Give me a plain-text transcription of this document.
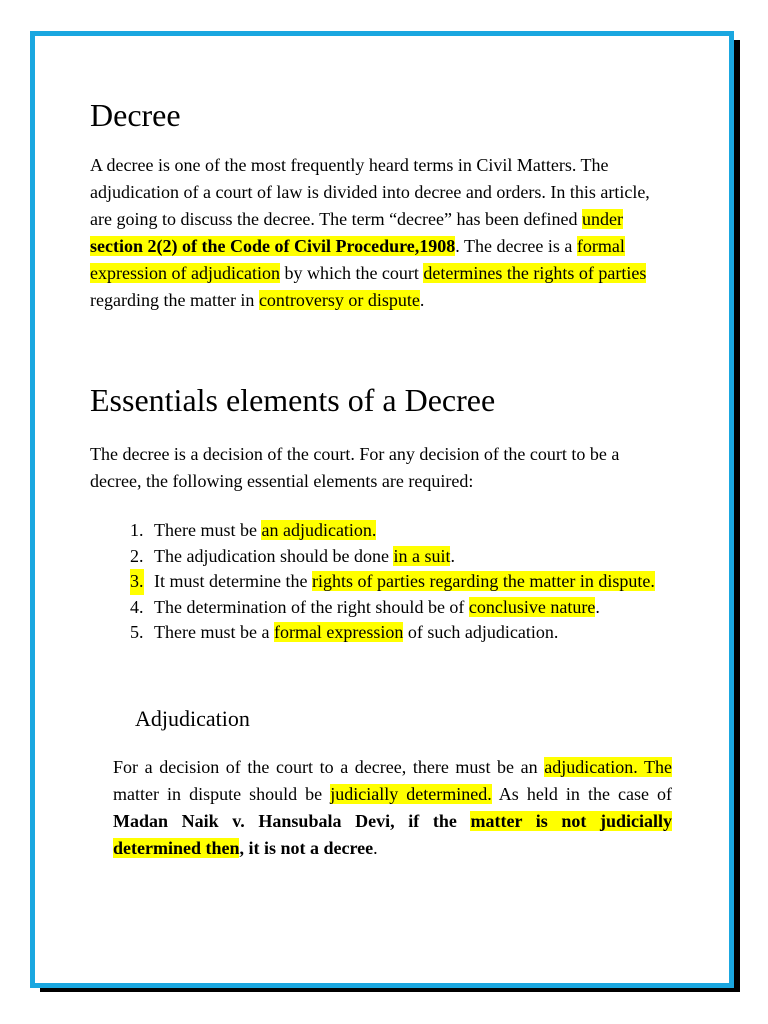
Decree

A decree is one of the most frequently heard terms in Civil Matters. The adjudication of a court of law is divided into decree and orders. In this article, are going to discuss the decree. The term “decree” has been defined under section 2(2) of the Code of Civil Procedure,1908. The decree is a formal expression of adjudication by which the court determines the rights of parties regarding the matter in controversy or dispute.

Essentials elements of a Decree

The decree is a decision of the court. For any decision of the court to be a decree, the following essential elements are required:

1. There must be an adjudication.
2. The adjudication should be done in a suit.
3. It must determine the rights of parties regarding the matter in dispute.
4. The determination of the right should be of conclusive nature.
5. There must be a formal expression of such adjudication.
Adjudication

For a decision of the court to a decree, there must be an adjudication. The matter in dispute should be judicially determined. As held in the case of Madan Naik v. Hansubala Devi, if the matter is not judicially determined then, it is not a decree.
